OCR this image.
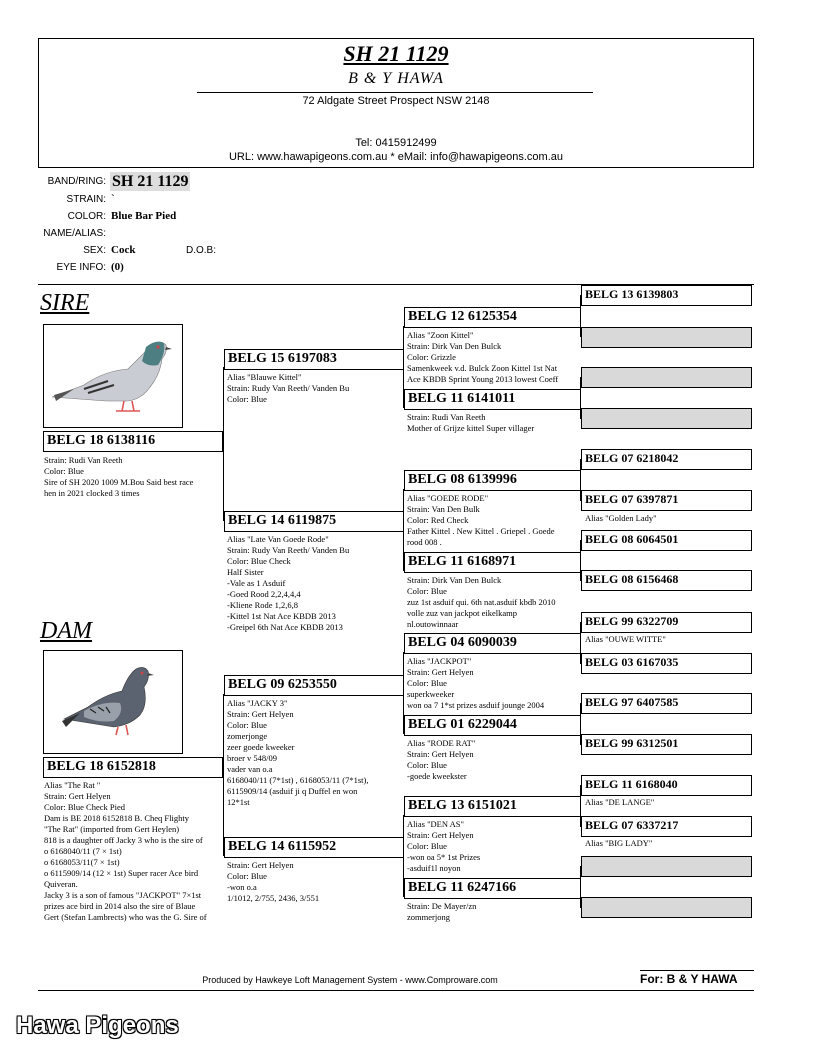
SH 21 1129
B & Y HAWA
72 Aldgate Street Prospect NSW 2148
Tel: 0415912499
URL: www.hawapigeons.com.au * eMail: info@hawapigeons.com.au
BAND/RING: SH 21 1129
STRAIN: `
COLOR: Blue Bar Pied
NAME/ALIAS:
SEX: Cock	D.O.B:
EYE INFO: (0)
SIRE
BELG 18 6138116
Strain: Rudi Van Reeth
Color: Blue
Sire of SH 2020 1009 M.Bou Said best race
hen in 2021 clocked 3 times
DAM
BELG 18 6152818
Alias "The Rat "
Strain: Gert Helyen
Color: Blue Check Pied
Dam is BE 2018 6152818 B. Cheq Flighty
"The Rat" (imported from Gert Heylen)
818 is a daughter off Jacky 3 who is the sire of
o 6168040/11 (7 × 1st)
o 6168053/11(7 × 1st)
o 6115909/14 (12 × 1st) Super racer Ace bird
Quiveran.
Jacky 3 is a son of famous "JACKPOT" 7×1st
prizes ace bird in 2014 also the sire of Blaue
Gert (Stefan Lambrects) who was the G. Sire of
BELG 15 6197083
Alias "Blauwe Kittel"
Strain: Rudy Van Reeth/ Vanden Bu
Color: Blue
BELG 14 6119875
Alias "Late Van Goede Rode"
Strain: Rudy Van Reeth/ Vanden Bu
Color: Blue Check
Half Sister
-Vale as 1 Asduif
-Goed Rood 2,2,4,4,4
-Kliene Rode 1,2,6,8
-Kittel 1st Nat Ace KBDB 2013
-Greipel 6th Nat Ace KBDB 2013
BELG 09 6253550
Alias "JACKY 3"
Strain: Gert Helyen
Color: Blue
zomerjonge
zeer goede kweeker
broer v 548/09
vader van o.a
6168040/11 (7*1st) , 6168053/11 (7*1st),
6115909/14 (asduif ji q Duffel en won
12*1st
BELG 14 6115952
Strain: Gert Helyen
Color: Blue
-won o.a
1/1012, 2/755, 2436, 3/551
BELG 12 6125354
Alias "Zoon Kittel"
Strain: Dirk Van Den Bulck
Color: Grizzle
Samenkweek v.d. Bulck Zoon Kittel 1st Nat
Ace KBDB Sprint Young 2013 lowest Coeff
BELG 11 6141011
Strain: Rudi Van Reeth
Mother of Grijze kittel Super villager
BELG 08 6139996
Alias "GOEDE RODE"
Strain: Van Den Bulk
Color: Red Check
Father Kittel . New Kittel . Griepel . Goede
rood 008 .
BELG 11 6168971
Strain: Dirk Van Den Bulck
Color: Blue
zuz 1st asduif qui. 6th nat.asduif kbdb 2010
volle zuz van jackpot eikelkamp
nl.outowinnaar
BELG 04 6090039
Alias "JACKPOT"
Strain: Gert Helyen
Color: Blue
superkweeker
won oa 7 1*st prizes asduif jounge 2004
BELG 01 6229044
Alias "RODE RAT"
Strain: Gert Helyen
Color: Blue
-goede kweekster
BELG 13 6151021
Alias "DEN AS"
Strain: Gert Helyen
Color: Blue
-won oa 5* 1st Prizes
-asduif1l noyon
BELG 11 6247166
Strain: De Mayer/zn
zommerjong
BELG 13 6139803
BELG 07 6218042
BELG 07 6397871
Alias "Golden Lady"
BELG 08 6064501
BELG 08 6156468
BELG 99 6322709
Alias "OUWE WITTE"
BELG 03 6167035
BELG 97 6407585
BELG 99 6312501
BELG 11 6168040
Alias "DE LANGE"
BELG 07 6337217
Alias "BIG LADY"
Produced by Hawkeye Loft Management System - www.Comproware.com	For: B & Y HAWA
Hawa Pigeons
